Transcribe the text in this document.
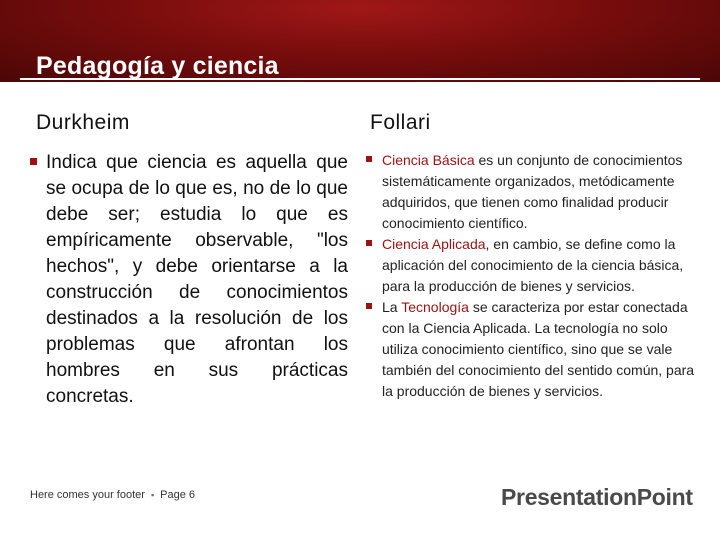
Pedagogía y ciencia
Durkheim	Follari
Indica que ciencia es aquella que se ocupa de lo que es, no de lo que debe ser; estudia lo que es empíricamente observable, "los hechos", y debe orientarse a la construcción de conocimientos destinados a la resolución de los problemas que afrontan los hombres en sus prácticas concretas.
Ciencia Básica es un conjunto de conocimientos sistemáticamente organizados, metódicamente adquiridos, que tienen como finalidad producir conocimiento científico.
Ciencia Aplicada, en cambio, se define como la aplicación del conocimiento de la ciencia básica, para la producción de bienes y servicios.
La Tecnología se caracteriza por estar conectada con la Ciencia Aplicada. La tecnología no solo utiliza conocimiento científico, sino que se vale también del conocimiento del sentido común, para la producción de bienes y servicios.
Here comes your footer ▪ Page 6	PresentationPoint
